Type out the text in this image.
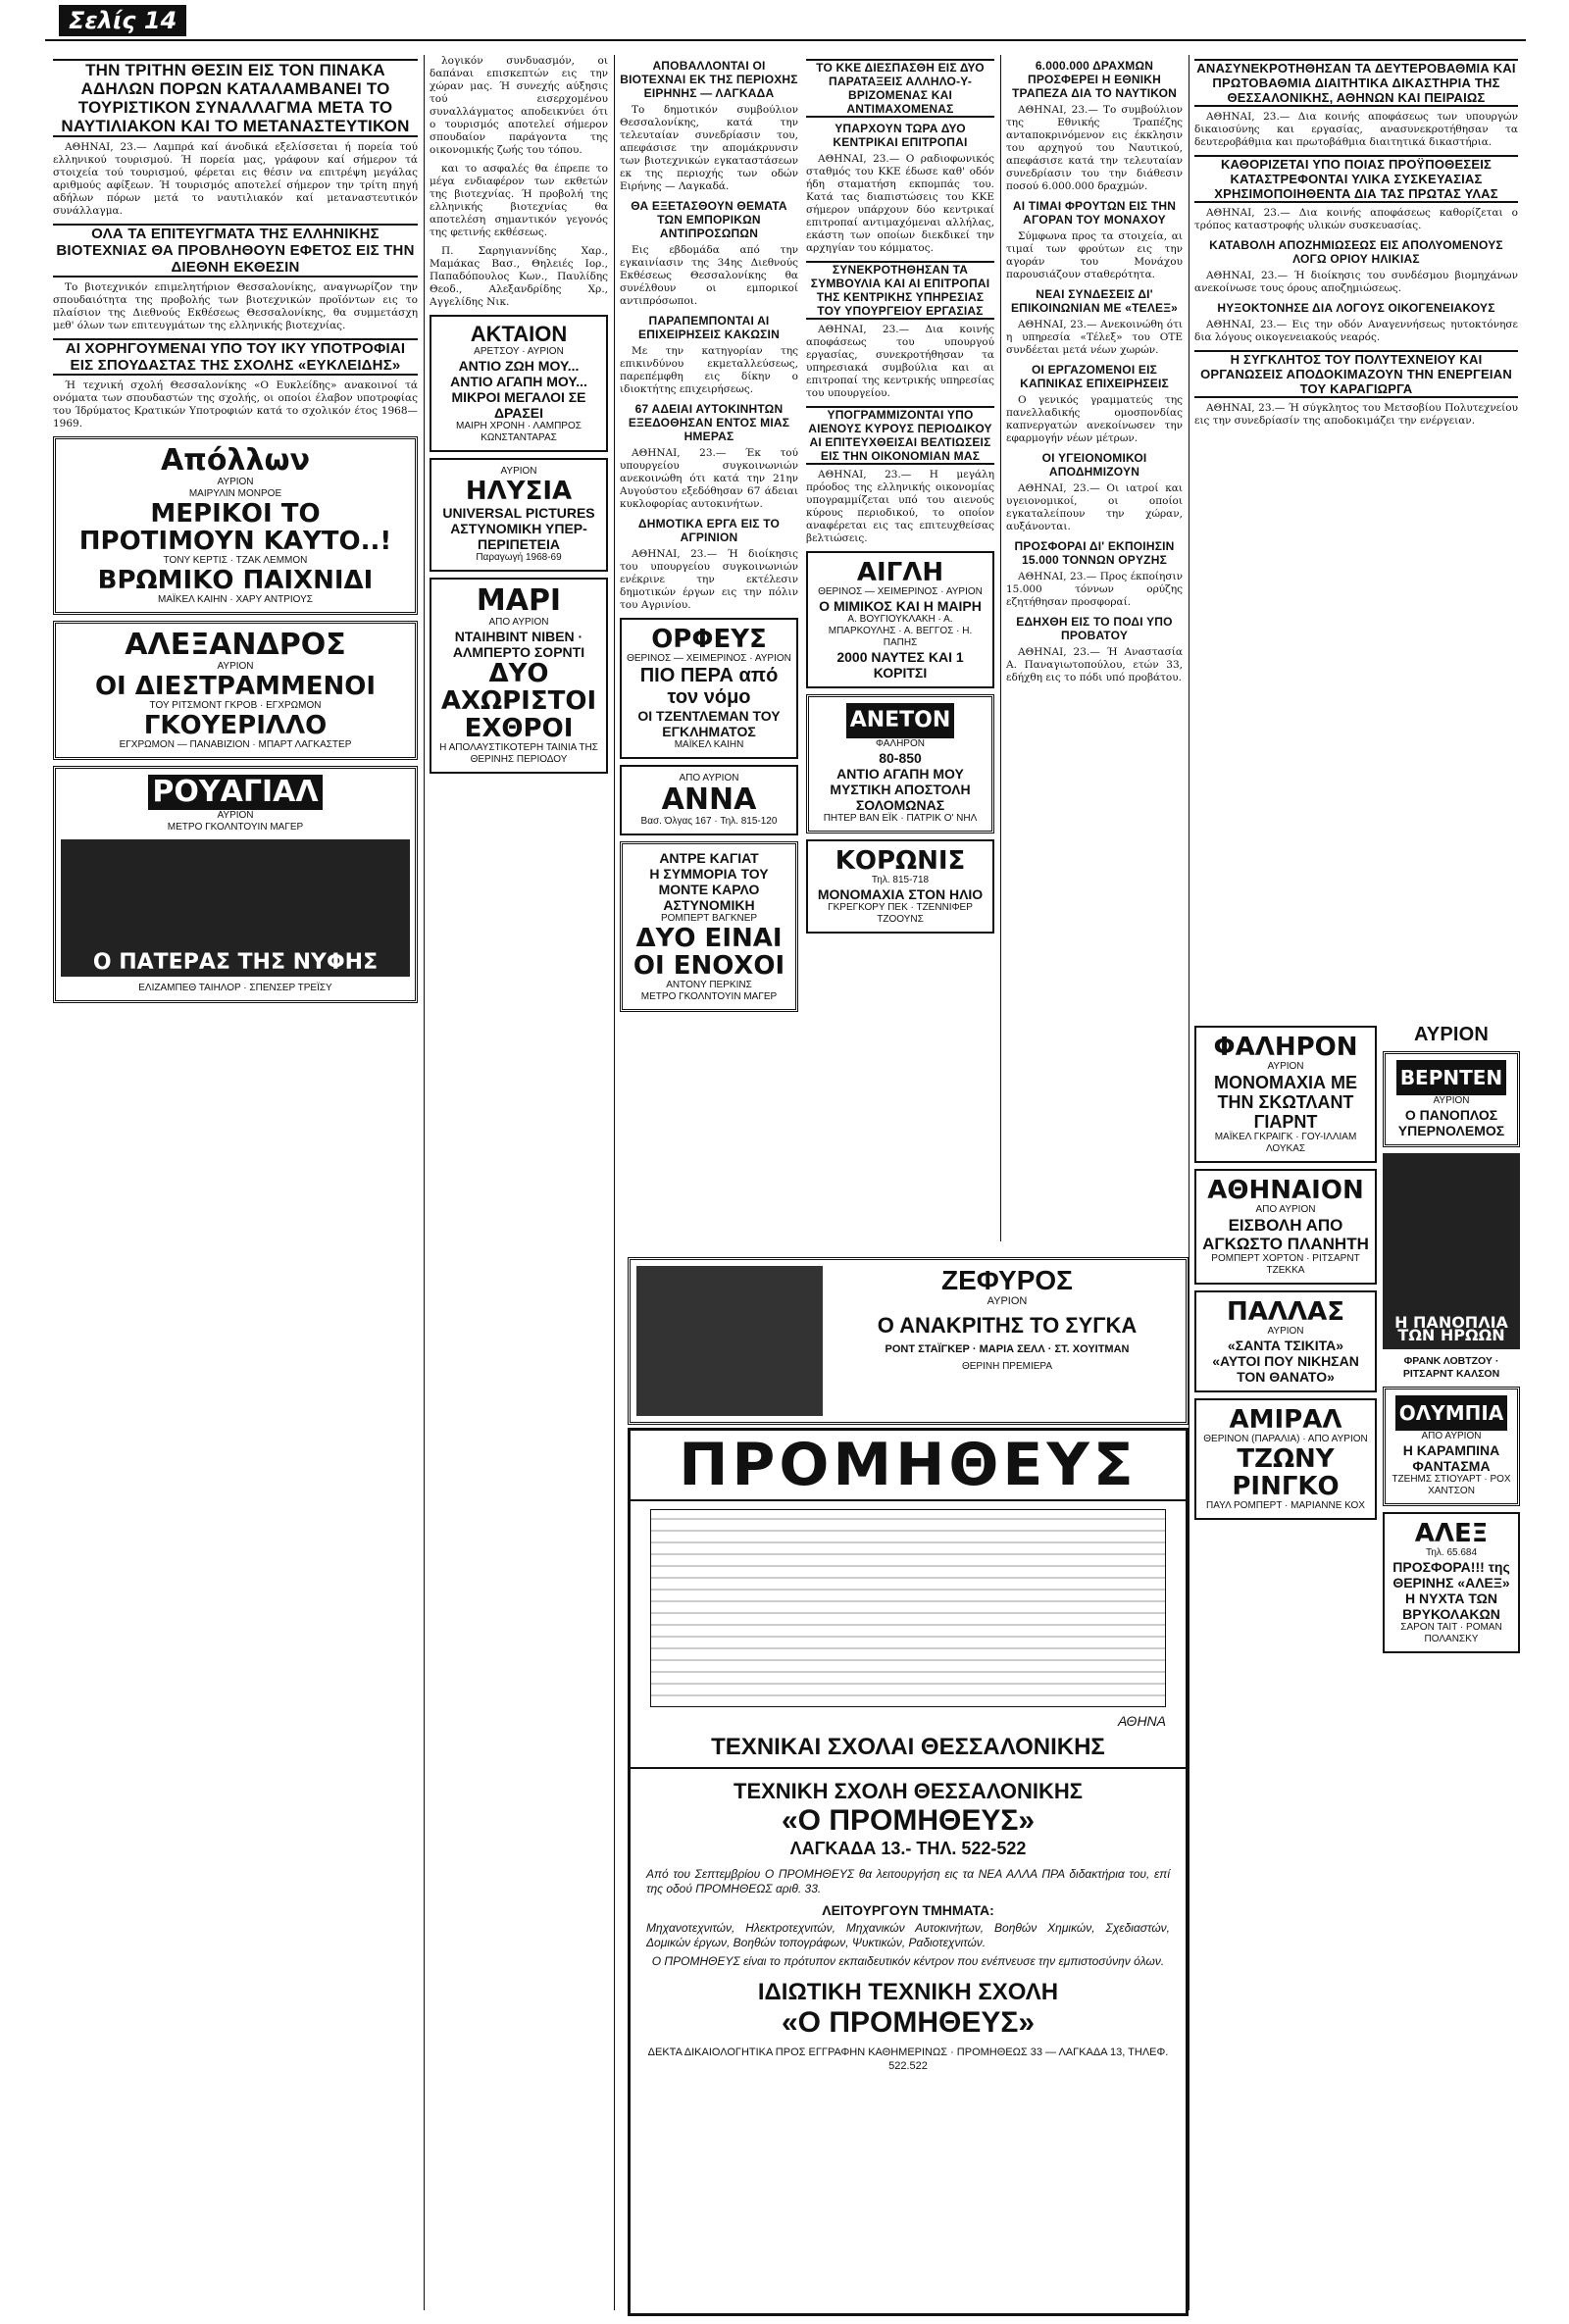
Σελίς 14
ΤΗΝ ΤΡΙΤΗΝ ΘΕΣΙΝ ΕΙΣ ΤΟΝ ΠΙΝΑΚΑ ΑΔΗΛΩΝ ΠΟΡΩΝ ΚΑΤΑΛΑΜΒΑΝΕΙ ΤΟ ΤΟΥΡΙΣΤΙΚΟΝ ΣΥΝΑΛΛΑΓΜΑ ΜΕΤΑ ΤΟ ΝΑΥΤΙΛΙΑΚΟΝ ΚΑΙ ΤΟ ΜΕΤΑΝΑΣΤΕΥΤΙΚΟΝ

ΑΘΗΝΑΙ, 23.— Λαμπρά καί άνοδικά εξελίσσεται ή πορεία τού ελληνικού τουρισμού. Ή πορεία μας, γράφουν καί σήμερον τά στοιχεία τού τουρισμού, φέρεται εις θέσιν να επιτρέψη μεγάλας αριθμούς αφίξεων. Ή τουρισμός αποτελεί σήμερον την τρίτη πηγή αδήλων πόρων μετά το ναυτιλιακόν καί μεταναστευτικόν συνάλλαγμα.

ΟΛΑ ΤΑ ΕΠΙΤΕΥΓΜΑΤΑ ΤΗΣ ΕΛΛΗΝΙΚΗΣ ΒΙΟΤΕΧΝΙΑΣ ΘΑ ΠΡΟΒΛΗΘΟΥΝ ΕΦΕΤΟΣ ΕΙΣ ΤΗΝ ΔΙΕΘΝΗ ΕΚΘΕΣΙΝ

Το βιοτεχνικόν επιμελητήριον Θεσσαλονίκης, αναγνωρίζον την σπουδαιότητα της προβολής των βιοτεχνικών προϊόντων εις το πλαίσιον της Διεθνούς Εκθέσεως Θεσσαλονίκης, θα συμμετάσχη μεθ' όλων των επιτευγμάτων της ελληνικής βιοτεχνίας.

ΑΙ ΧΟΡΗΓΟΥΜΕΝΑΙ ΥΠΟ ΤΟΥ ΙΚΥ ΥΠΟΤΡΟΦΙΑΙ ΕΙΣ ΣΠΟΥΔΑΣΤΑΣ ΤΗΣ ΣΧΟΛΗΣ «ΕΥΚΛΕΙΔΗΣ»

Ή τεχνική σχολή Θεσσαλονίκης «Ο Ευκλείδης» ανακοινοί τά ονόματα των σπουδαστών της σχολής, οι οποίοι έλαβον υποτροφίας του Ίδρύματος Κρατικών Υποτροφιών κατά το σχολικόν έτος 1968—1969.

Απόλλων
ΑΥΡΙΟΝ
ΜΑΙΡΥΛΙΝ ΜΟΝΡΟΕ
ΜΕΡΙΚΟΙ ΤΟ ΠΡΟΤΙΜΟΥΝ ΚΑΥΤΟ..!
ΤΟΝΥ ΚΕΡΤΙΣ · ΤΖΑΚ ΛΕΜΜΟΝ
ΒΡΩΜΙΚΟ ΠΑΙΧΝΙΔΙ
ΜΑΪΚΕΛ ΚΑΙΗΝ · ΧΑΡΥ ΑΝΤΡΙΟΥΣ
ΑΛΕΞΑΝΔΡΟΣ
ΑΥΡΙΟΝ
ΟΙ ΔΙΕΣΤΡΑΜΜΕΝΟΙ
ΤΟΥ ΡΙΤΣΜΟΝΤ ΓΚΡΟΒ · ΕΓΧΡΩΜΟΝ
ΓΚΟΥΕΡΙΛΛΟ
ΕΓΧΡΩΜΟΝ — ΠΑΝΑΒΙΖΙΟΝ · ΜΠΑΡΤ ΛΑΓΚΑΣΤΕΡ
ΡΟΥΑΓΙΑΛ
ΑΥΡΙΟΝ
ΜΕΤΡΟ ΓΚΟΛΝΤΟΥΙΝ ΜΑΓΕΡ
Ο ΠΑΤΕΡΑΣ ΤΗΣ ΝΥΦΗΣ
ΕΛΙΖΑΜΠΕΘ ΤΑΙΗΛΟΡ · ΣΠΕΝΣΕΡ ΤΡΕΪΣΥ

λογικόν συνδυασμόν, οι δαπάναι επισκεπτών εις την χώραν μας. Ή συνεχής αύξησις τού εισερχομένου συναλλάγματος αποδεικνύει ότι ο τουρισμός αποτελεί σήμερον σπουδαίον παράγοντα της οικονομικής ζωής του τόπου.

και το ασφαλές θα έπρεπε το μέγα ενδιαφέρον των εκθετών της βιοτεχνίας. Ή προβολή της ελληνικής βιοτεχνίας θα αποτελέση σημαντικόν γεγονός της φετινής εκθέσεως.

Π. Σαρηγιαννίδης Χαρ., Μαμάκας Βασ., Θηλειές Ιορ., Παπαδόπουλος Κων., Παυλίδης Θεοδ., Αλεξανδρίδης Χρ., Αγγελίδης Νικ.

ΑΚΤΑΙΟΝ
ΑΡΕΤΣΟΥ · ΑΥΡΙΟΝ
ΑΝΤΙΟ ΖΩΗ ΜΟΥ... ΑΝΤΙΟ ΑΓΑΠΗ ΜΟΥ...
ΜΙΚΡΟΙ ΜΕΓΑΛΟΙ ΣΕ ΔΡΑΣΕΙ
ΜΑΙΡΗ ΧΡΟΝΗ · ΛΑΜΠΡΟΣ ΚΩΝΣΤΑΝΤΑΡΑΣ
ΑΥΡΙΟΝ
ΗΛΥΣΙΑ
UNIVERSAL PICTURES
ΑΣΤΥΝΟΜΙΚΗ ΥΠΕΡ-ΠΕΡΙΠΕΤΕΙΑ
Παραγωγή 1968-69
ΜΑΡΙ
ΑΠΟ ΑΥΡΙΟΝ
ΝΤΑΙΗΒΙΝΤ ΝΙΒΕΝ · ΑΛΜΠΕΡΤΟ ΣΟΡΝΤΙ
ΔΥΟ ΑΧΩΡΙΣΤΟΙ ΕΧΘΡΟΙ
Η ΑΠΟΛΑΥΣΤΙΚΟΤΕΡΗ ΤΑΙΝΙΑ ΤΗΣ ΘΕΡΙΝΗΣ ΠΕΡΙΟΔΟΥ
ΑΠΟΒΑΛΛΟΝΤΑΙ ΟΙ ΒΙΟΤΕΧΝΑΙ ΕΚ ΤΗΣ ΠΕΡΙΟΧΗΣ ΕΙΡΗΝΗΣ — ΛΑΓΚΑΔΑ

Το δημοτικόν συμβούλιον Θεσσαλονίκης, κατά την τελευταίαν συνεδρίασιν του, απεφάσισε την απομάκρυνσιν των βιοτεχνικών εγκαταστάσεων εκ της περιοχής των οδών Ειρήνης — Λαγκαδά.

ΘΑ ΕΞΕΤΑΣΘΟΥΝ ΘΕΜΑΤΑ ΤΩΝ ΕΜΠΟΡΙΚΩΝ ΑΝΤΙΠΡΟΣΩΠΩΝ

Εις εβδομάδα από την εγκαινίασιν της 34ης Διεθνούς Εκθέσεως Θεσσαλονίκης θα συνέλθουν οι εμπορικοί αντιπρόσωποι.

ΠΑΡΑΠΕΜΠΟΝΤΑΙ ΑΙ ΕΠΙΧΕΙΡΗΣΕΙΣ ΚΑΚΩΣΙΝ

Με την κατηγορίαν της επικινδύνου εκμεταλλεύσεως, παρεπέμφθη εις δίκην ο ιδιοκτήτης επιχειρήσεως.

67 ΑΔΕΙΑΙ ΑΥΤΟΚΙΝΗΤΩΝ ΕΞΕΔΟΘΗΣΑΝ ΕΝΤΟΣ ΜΙΑΣ ΗΜΕΡΑΣ

ΑΘΗΝΑΙ, 23.— Έκ τού υπουργείου συγκοινωνιών ανεκοινώθη ότι κατά την 21ην Αυγούστου εξεδόθησαν 67 άδειαι κυκλοφορίας αυτοκινήτων.

ΔΗΜΟΤΙΚΑ ΕΡΓΑ ΕΙΣ ΤΟ ΑΓΡΙΝΙΟΝ

ΑΘΗΝΑΙ, 23.— Ή διοίκησις του υπουργείου συγκοινωνιών ενέκρινε την εκτέλεσιν δημοτικών έργων εις την πόλιν του Αγρινίου.

ΟΡΦΕΥΣ
ΘΕΡΙΝΟΣ — ΧΕΙΜΕΡΙΝΟΣ · ΑΥΡΙΟΝ
ΠΙΟ ΠΕΡΑ από τον νόμο
ΟΙ ΤΖΕΝΤΛΕΜΑΝ ΤΟΥ ΕΓΚΛΗΜΑΤΟΣ
ΜΑΪΚΕΛ ΚΑΙΗΝ
ΑΠΟ ΑΥΡΙΟΝ
ΑΝΝΑ
Βασ. Όλγας 167 · Τηλ. 815-120
ΑΝΤΡΕ ΚΑΓΙΑΤ
Η ΣΥΜΜΟΡΙΑ ΤΟΥ ΜΟΝΤΕ ΚΑΡΛΟ
ΑΣΤΥΝΟΜΙΚΗ
ΡΟΜΠΕΡΤ ΒΑΓΚΝΕΡ
ΔΥΟ ΕΙΝΑΙ ΟΙ ΕΝΟΧΟΙ
ΑΝΤΟΝΥ ΠΕΡΚΙΝΣ
ΜΕΤΡΟ ΓΚΟΛΝΤΟΥΙΝ ΜΑΓΕΡ
ΤΟ ΚΚΕ ΔΙΕΣΠΑΣΘΗ ΕΙΣ ΔΥΟ ΠΑΡΑΤΑΞΕΙΣ ΑΛΛΗΛΟ-Υ-ΒΡΙΖΟΜΕΝΑΣ ΚΑΙ ΑΝΤΙΜΑΧΟΜΕΝΑΣ
ΥΠΑΡΧΟΥΝ ΤΩΡΑ ΔΥΟ ΚΕΝΤΡΙΚΑΙ ΕΠΙΤΡΟΠΑΙ

ΑΘΗΝΑΙ, 23.— Ο ραδιοφωνικός σταθμός του ΚΚΕ έδωσε καθ' οδόν ήδη σταματήση εκπομπάς του. Κατά τας διαπιστώσεις του ΚΚΕ σήμερον υπάρχουν δύο κεντρικαί επιτροπαί αντιμαχόμεναι αλλήλας, εκάστη των οποίων διεκδικεί την αρχηγίαν του κόμματος.

ΣΥΝΕΚΡΟΤΗΘΗΣΑΝ ΤΑ ΣΥΜΒΟΥΛΙΑ ΚΑΙ ΑΙ ΕΠΙΤΡΟΠΑΙ ΤΗΣ ΚΕΝΤΡΙΚΗΣ ΥΠΗΡΕΣΙΑΣ ΤΟΥ ΥΠΟΥΡΓΕΙΟΥ ΕΡΓΑΣΙΑΣ

ΑΘΗΝΑΙ, 23.— Δια κοινής αποφάσεως του υπουργού εργασίας, συνεκροτήθησαν τα υπηρεσιακά συμβούλια και αι επιτροπαί της κεντρικής υπηρεσίας του υπουργείου.

ΥΠΟΓΡΑΜΜΙΖΟΝΤΑΙ ΥΠΟ ΑΙΕΝΟΥΣ ΚΥΡΟΥΣ ΠΕΡΙΟΔΙΚΟΥ ΑΙ ΕΠΙΤΕΥΧΘΕΙΣΑΙ ΒΕΛΤΙΩΣΕΙΣ ΕΙΣ ΤΗΝ ΟΙΚΟΝΟΜΙΑΝ ΜΑΣ

ΑΘΗΝΑΙ, 23.— Η μεγάλη πρόοδος της ελληνικής οικονομίας υπογραμμίζεται υπό του αιενούς κύρους περιοδικού, το οποίον αναφέρεται εις τας επιτευχθείσας βελτιώσεις.

ΑΙΓΛΗ
ΘΕΡΙΝΟΣ — ΧΕΙΜΕΡΙΝΟΣ · ΑΥΡΙΟΝ
Ο ΜΙΜΙΚΟΣ ΚΑΙ Η ΜΑΙΡΗ
Α. ΒΟΥΓΙΟΥΚΛΑΚΗ · Α. ΜΠΑΡΚΟΥΛΗΣ · Α. ΒΕΓΓΟΣ · Η. ΠΑΠΗΣ
2000 ΝΑΥΤΕΣ ΚΑΙ 1 ΚΟΡΙΤΣΙ
ΑΝΕΤΟΝ
ΦΑΛΗΡΟΝ
80-850
ΑΝΤΙΟ ΑΓΑΠΗ ΜΟΥ
ΜΥΣΤΙΚΗ ΑΠΟΣΤΟΛΗ ΣΟΛΟΜΩΝΑΣ
ΠΗΤΕΡ ΒΑΝ ΕΪΚ · ΠΑΤΡΙΚ Ο' ΝΗΛ
ΚΟΡΩΝΙΣ
Τηλ. 815-718
ΜΟΝΟΜΑΧΙΑ ΣΤΟΝ ΗΛΙΟ
ΓΚΡΕΓΚΟΡΥ ΠΕΚ · ΤΖΕΝΝΙΦΕΡ ΤΖΟΟΥΝΣ
6.000.000 ΔΡΑΧΜΩΝ ΠΡΟΣΦΕΡΕΙ Η ΕΘΝΙΚΗ ΤΡΑΠΕΖΑ ΔΙΑ ΤΟ ΝΑΥΤΙΚΟΝ

ΑΘΗΝΑΙ, 23.— Το συμβούλιον της Εθνικής Τραπέζης ανταποκρινόμενον εις έκκλησιν του αρχηγού του Ναυτικού, απεφάσισε κατά την τελευταίαν συνεδρίασιν του την διάθεσιν ποσού 6.000.000 δραχμών.

ΑΙ ΤΙΜΑΙ ΦΡΟΥΤΩΝ ΕΙΣ ΤΗΝ ΑΓΟΡΑΝ ΤΟΥ ΜΟΝΑΧΟΥ

Σύμφωνα προς τα στοιχεία, αι τιμαί των φρούτων εις την αγοράν του Μονάχου παρουσιάζουν σταθερότητα.

ΝΕΑΙ ΣΥΝΔΕΣΕΙΣ ΔΙ' ΕΠΙΚΟΙΝΩΝΙΑΝ ΜΕ «ΤΕΛΕΞ»

ΑΘΗΝΑΙ, 23.— Ανεκοινώθη ότι η υπηρεσία «Τέλεξ» του ΟΤΕ συνδέεται μετά νέων χωρών.

ΟΙ ΕΡΓΑΖΟΜΕΝΟΙ ΕΙΣ ΚΑΠΝΙΚΑΣ ΕΠΙΧΕΙΡΗΣΕΙΣ

Ο γενικός γραμματεύς της πανελλαδικής ομοσπονδίας καπνεργατών ανεκοίνωσεν την εφαρμογήν νέων μέτρων.

ΟΙ ΥΓΕΙΟΝΟΜΙΚΟΙ ΑΠΟΔΗΜΙΖΟΥΝ

ΑΘΗΝΑΙ, 23.— Οι ιατροί και υγειονομικοί, οι οποίοι εγκαταλείπουν την χώραν, αυξάνονται.

ΠΡΟΣΦΟΡΑΙ ΔΙ' ΕΚΠΟΙΗΣΙΝ 15.000 ΤΟΝΝΩΝ ΟΡΥΖΗΣ

ΑΘΗΝΑΙ, 23.— Προς έκποίησιν 15.000 τόννων ορύζης εζητήθησαν προσφοραί.

ΕΔΗΧΘΗ ΕΙΣ ΤΟ ΠΟΔΙ ΥΠΟ ΠΡΟΒΑΤΟΥ

ΑΘΗΝΑΙ, 23.— Ή Αναστασία Α. Παναγιωτοπούλου, ετών 33, εδήχθη εις το πόδι υπό προβάτου.

ΖΕΦΥΡΟΣ
ΑΥΡΙΟΝ
Ο ΑΝΑΚΡΙΤΗΣ ΤΟ ΣΥΓΚΑ
ΡΟΝΤ ΣΤΑΪΓΚΕΡ · ΜΑΡΙΑ ΣΕΛΛ · ΣΤ. ΧΟΥΙΤΜΑΝ
ΘΕΡΙΝΗ ΠΡΕΜΙΕΡΑ
ΠΡΟΜΗΘΕΥΣ
ΑΘΗΝΑ
ΤΕΧΝΙΚΑΙ ΣΧΟΛΑΙ ΘΕΣΣΑΛΟΝΙΚΗΣ
ΤΕΧΝΙΚΗ ΣΧΟΛΗ ΘΕΣΣΑΛΟΝΙΚΗΣ
«Ο ΠΡΟΜΗΘΕΥΣ»
ΛΑΓΚΑΔΑ 13.- ΤΗΛ. 522-522

Από του Σεπτεμβρίου Ο ΠΡΟΜΗΘΕΥΣ θα λειτουργήση εις τα ΝΕΑ ΑΛΛΑ ΠΡΑ διδακτήρια του, επί της οδού ΠΡΟΜΗΘΕΩΣ αριθ. 33.

ΛΕΙΤΟΥΡΓΟΥΝ ΤΜΗΜΑΤΑ:

Μηχανοτεχνιτών, Ηλεκτροτεχνιτών, Μηχανικών Αυτοκινήτων, Βοηθών Χημικών, Σχεδιαστών, Δομικών έργων, Βοηθών τοπογράφων, Ψυκτικών, Ραδιοτεχνιτών.

Ο ΠΡΟΜΗΘΕΥΣ είναι το πρότυπον εκπαιδευτικόν κέντρον που ενέπνευσε την εμπιστοσύνην όλων.

ΙΔΙΩΤΙΚΗ ΤΕΧΝΙΚΗ ΣΧΟΛΗ
«Ο ΠΡΟΜΗΘΕΥΣ»
ΔΕΚΤΑ ΔΙΚΑΙΟΛΟΓΗΤΙΚΑ ΠΡΟΣ ΕΓΓΡΑΦΗΝ ΚΑΘΗΜΕΡΙΝΩΣ · ΠΡΟΜΗΘΕΩΣ 33 — ΛΑΓΚΑΔΑ 13, ΤΗΛΕΦ. 522.522
ΑΝΑΣΥΝΕΚΡΟΤΗΘΗΣΑΝ ΤΑ ΔΕΥΤΕΡΟΒΑΘΜΙΑ ΚΑΙ ΠΡΩΤΟΒΑΘΜΙΑ ΔΙΑΙΤΗΤΙΚΑ ΔΙΚΑΣΤΗΡΙΑ ΤΗΣ ΘΕΣΣΑΛΟΝΙΚΗΣ, ΑΘΗΝΩΝ ΚΑΙ ΠΕΙΡΑΙΩΣ

ΑΘΗΝΑΙ, 23.— Δια κοινής αποφάσεως των υπουργών δικαιοσύνης και εργασίας, ανασυνεκροτήθησαν τα δευτεροβάθμια και πρωτοβάθμια διαιτητικά δικαστήρια.

ΚΑΘΟΡΙΖΕΤΑΙ ΥΠΟ ΠΟΙΑΣ ΠΡΟΫΠΟΘΕΣΕΙΣ ΚΑΤΑΣΤΡΕΦΟΝΤΑΙ ΥΛΙΚΑ ΣΥΣΚΕΥΑΣΙΑΣ ΧΡΗΣΙΜΟΠΟΙΗΘΕΝΤΑ ΔΙΑ ΤΑΣ ΠΡΩΤΑΣ ΥΛΑΣ

ΑΘΗΝΑΙ, 23.— Δια κοινής αποφάσεως καθορίζεται ο τρόπος καταστροφής υλικών συσκευασίας.

ΚΑΤΑΒΟΛΗ ΑΠΟΖΗΜΙΩΣΕΩΣ ΕΙΣ ΑΠΟΛΥΟΜΕΝΟΥΣ ΛΟΓΩ ΟΡΙΟΥ ΗΛΙΚΙΑΣ

ΑΘΗΝΑΙ, 23.— Ή διοίκησις του συνδέσμου βιομηχάνων ανεκοίνωσε τους όρους αποζημιώσεως.

ΗΥΞΟΚΤΟΝΗΣΕ ΔΙΑ ΛΟΓΟΥΣ ΟΙΚΟΓΕΝΕΙΑΚΟΥΣ

ΑΘΗΝΑΙ, 23.— Εις την οδόν Αναγεννήσεως ηυτοκτόνησε δια λόγους οικογενειακούς νεαρός.

Η ΣΥΓΚΛΗΤΟΣ ΤΟΥ ΠΟΛΥΤΕΧΝΕΙΟΥ ΚΑΙ ΟΡΓΑΝΩΣΕΙΣ ΑΠΟΔΟΚΙΜΑΖΟΥΝ ΤΗΝ ΕΝΕΡΓΕΙΑΝ ΤΟΥ ΚΑΡΑΓΙΩΡΓΑ

ΑΘΗΝΑΙ, 23.— Ή σύγκλητος του Μετσοβίου Πολυτεχνείου εις την συνεδρίασίν της αποδοκιμάζει την ενέργειαν.

ΦΑΛΗΡΟΝ
ΑΥΡΙΟΝ
ΜΟΝΟΜΑΧΙΑ ΜΕ ΤΗΝ ΣΚΩΤΛΑΝΤ ΓΙΑΡΝΤ
ΜΑΪΚΕΛ ΓΚΡΑΙΓΚ · ΓΟΥ-ΙΛΛΙΑΜ ΛΟΥΚΑΣ
ΑΘΗΝΑΙΟΝ
ΑΠΟ ΑΥΡΙΟΝ
ΕΙΣΒΟΛΗ ΑΠΟ ΑΓΚΩΣΤΟ ΠΛΑΝΗΤΗ
ΡΟΜΠΕΡΤ ΧΟΡΤΟΝ · ΡΙΤΣΑΡΝΤ ΤΖΕΚΚΑ
ΠΑΛΛΑΣ
ΑΥΡΙΟΝ
«ΣΑΝΤΑ ΤΣΙΚΙΤΑ»
«ΑΥΤΟΙ ΠΟΥ ΝΙΚΗΣΑΝ ΤΟΝ ΘΑΝΑΤΟ»
ΑΜΙΡΑΛ
ΘΕΡΙΝΟΝ (ΠΑΡΑΛΙΑ) · ΑΠΟ ΑΥΡΙΟΝ
ΤΖΩΝΥ ΡΙΝΓΚΟ
ΠΑΥΛ ΡΟΜΠΕΡΤ · ΜΑΡΙΑΝΝΕ ΚΟΧ
ΑΥΡΙΟΝ
ΒΕΡΝΤΕΝ
ΑΥΡΙΟΝ
Ο ΠΑΝΟΠΛΟΣ ΥΠΕΡΝΟΛΕΜΟΣ
Η ΠΑΝΟΠΛΙΑ ΤΩΝ ΗΡΩΩΝ
ΦΡΑΝΚ ΛΟΒΤΖΟΥ · ΡΙΤΣΑΡΝΤ ΚΑΛΣΟΝ
ΟΛΥΜΠΙΑ
ΑΠΟ ΑΥΡΙΟΝ
Η ΚΑΡΑΜΠΙΝΑ ΦΑΝΤΑΣΜΑ
ΤΖΕΗΜΣ ΣΤΙΟΥΑΡΤ · ΡΟΧ ΧΑΝΤΣΟΝ
ΑΛΕΞ
Τηλ. 65.684
ΠΡΟΣΦΟΡΑ!!! της ΘΕΡΙΝΗΣ «ΑΛΕΞ»
Η ΝΥΧΤΑ ΤΩΝ ΒΡΥΚΟΛΑΚΩΝ
ΣΑΡΟΝ ΤΑΙΤ · ΡΟΜΑΝ ΠΟΛΑΝΣΚΥ
